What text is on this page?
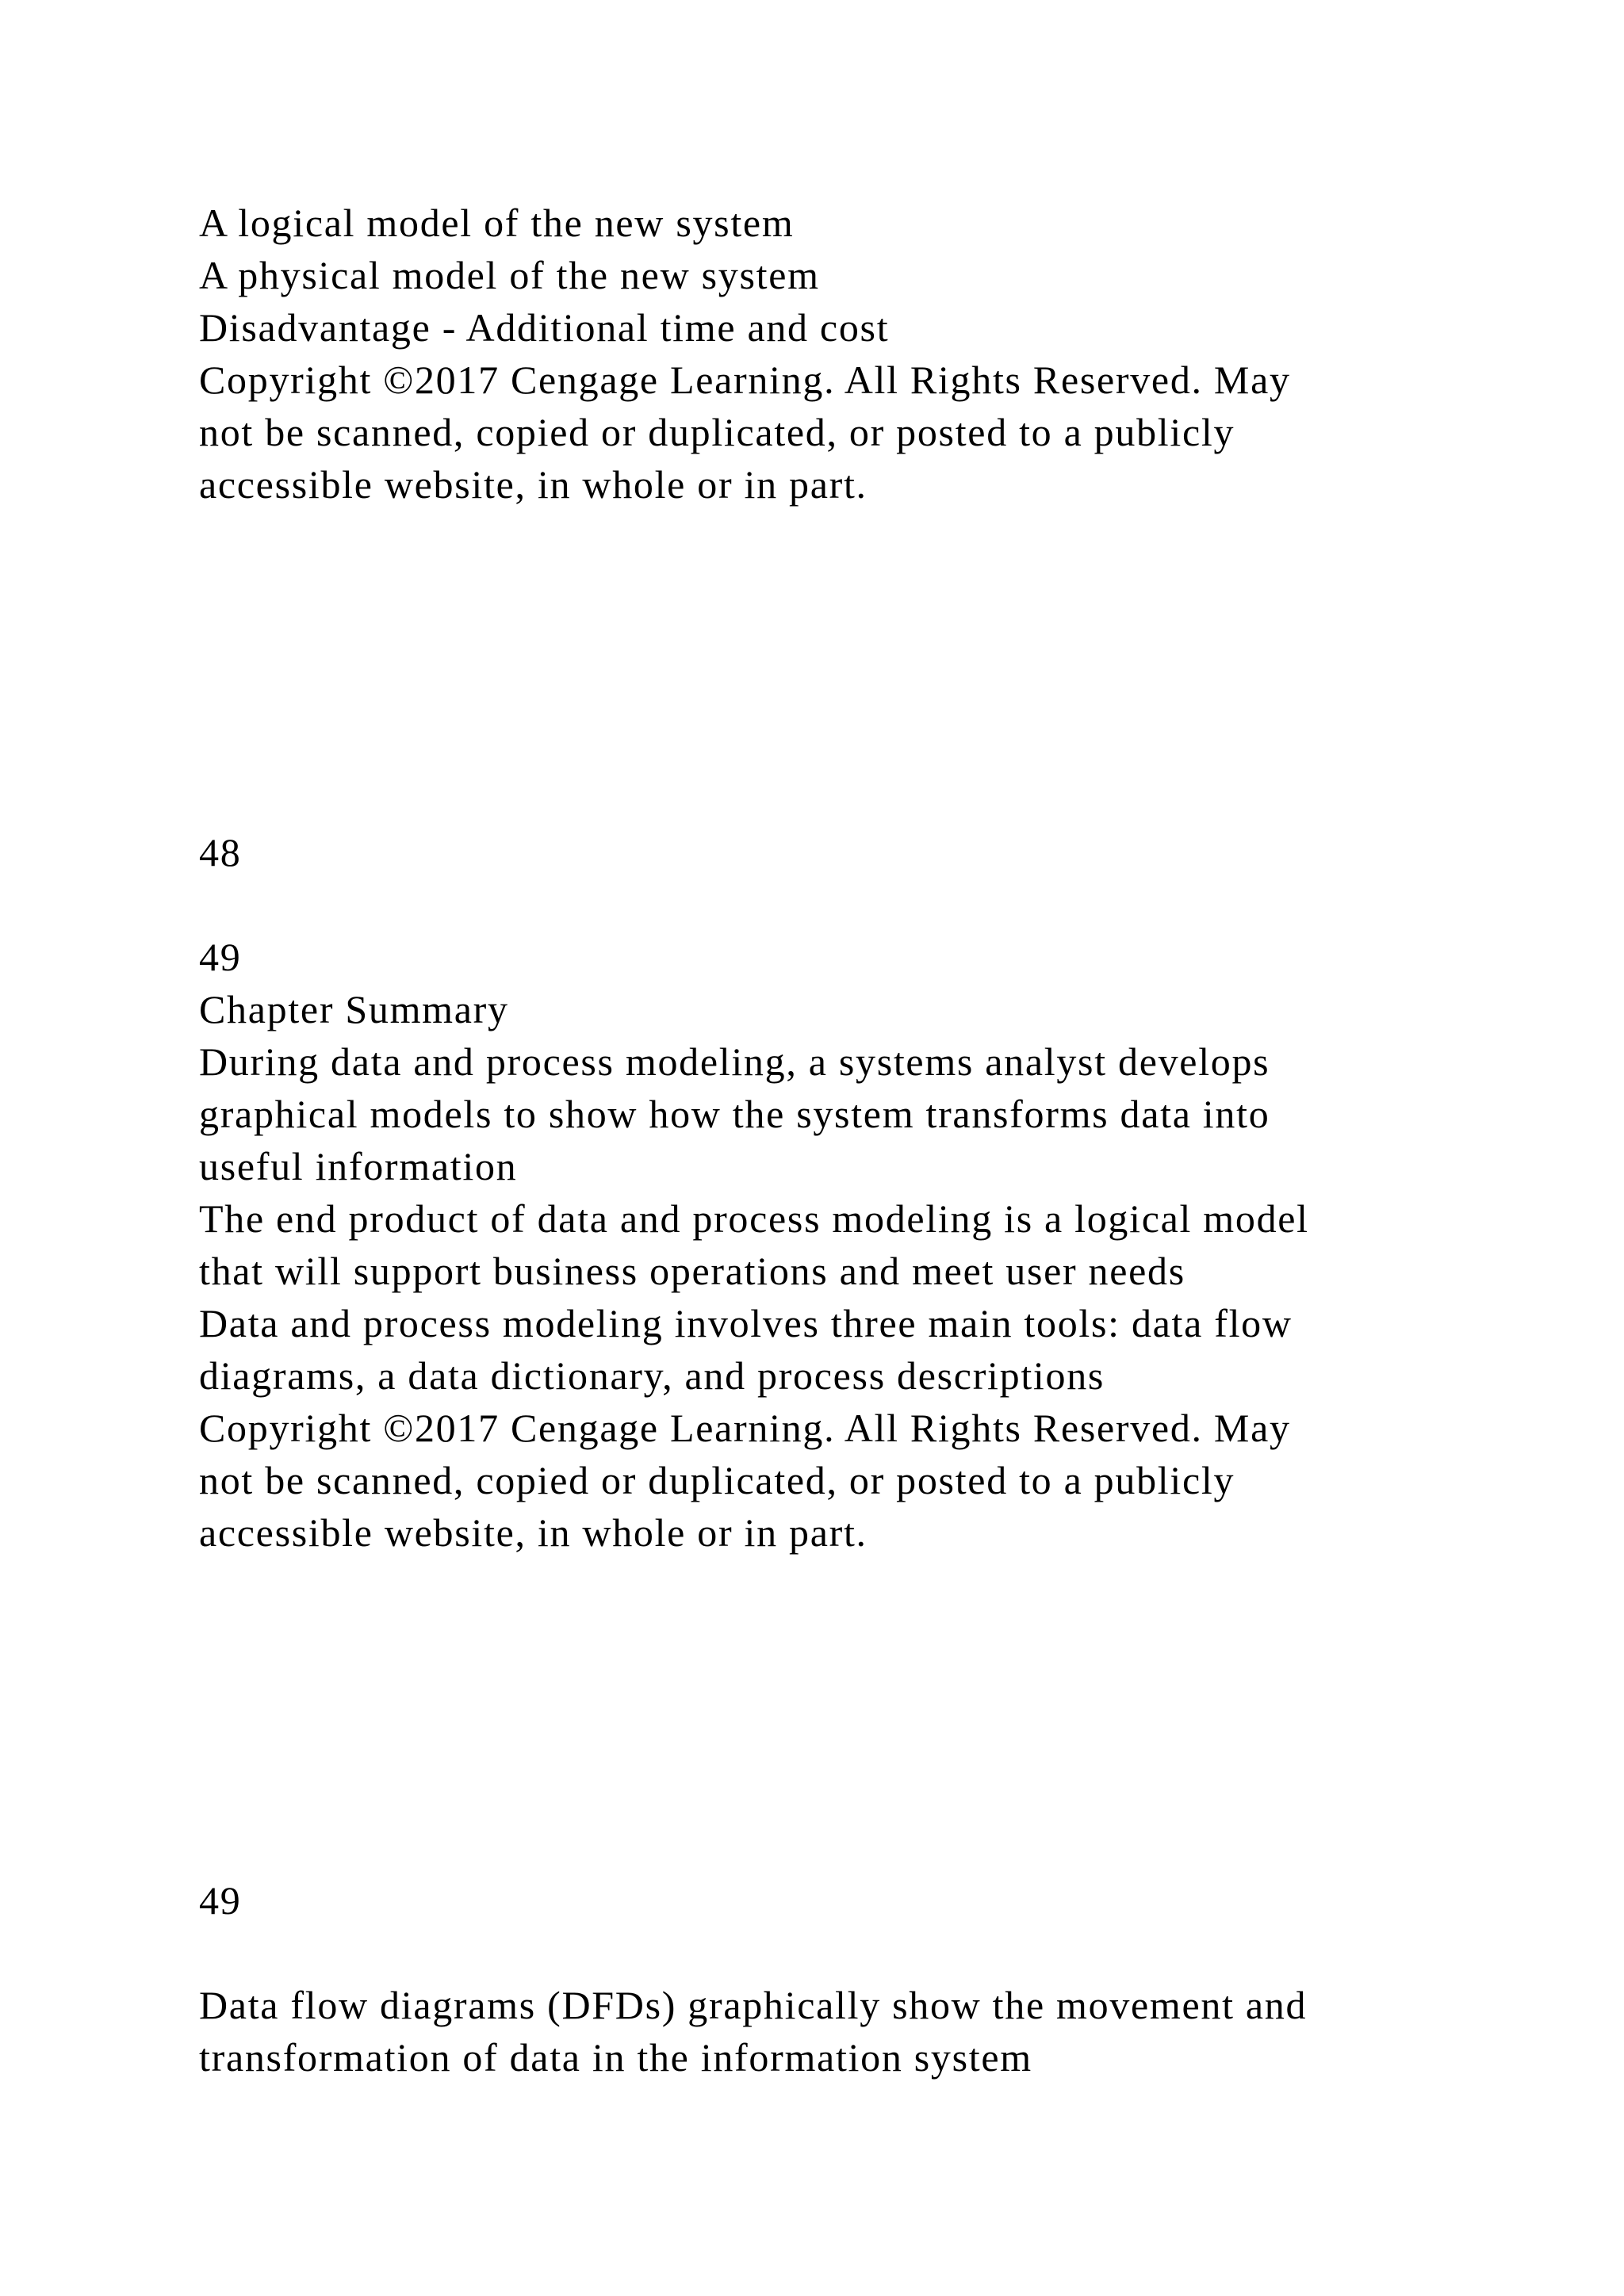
A logical model of the new system

A physical model of the new system

Disadvantage - Additional time and cost

Copyright ©2017 Cengage Learning. All Rights Reserved. May

not be scanned, copied or duplicated, or posted to a publicly

accessible website, in whole or in part.

48

49

Chapter Summary

During data and process modeling, a systems analyst develops

graphical models to show how the system transforms data into

useful information

The end product of data and process modeling is a logical model

that will support business operations and meet user needs

Data and process modeling involves three main tools: data flow

diagrams, a data dictionary, and process descriptions

Copyright ©2017 Cengage Learning. All Rights Reserved. May

not be scanned, copied or duplicated, or posted to a publicly

accessible website, in whole or in part.

49

Data flow diagrams (DFDs) graphically show the movement and

transformation of data in the information system
